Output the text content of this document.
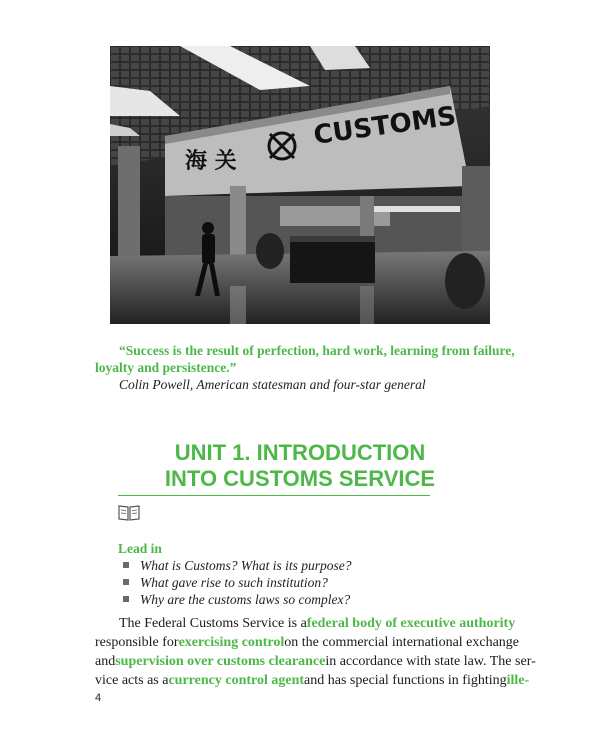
海 关
CUSTOMS

“Success is the result of perfection, hard work, learning from failure, loyalty and persistence.”

Colin Powell, American statesman and four-star general

UNIT 1. INTRODUCTION
INTO CUSTOMS SERVICE

Lead in

What is Customs? What is its purpose?
What gave rise to such institution?
Why are the customs laws so complex?
The Federal Customs Service is a federal body of executive authority
responsible for exercising control on the commercial international exchange
and supervision over customs clearance in accordance with state law. The ser-
vice acts as a currency control agent and has special functions in fighting ille-
4
